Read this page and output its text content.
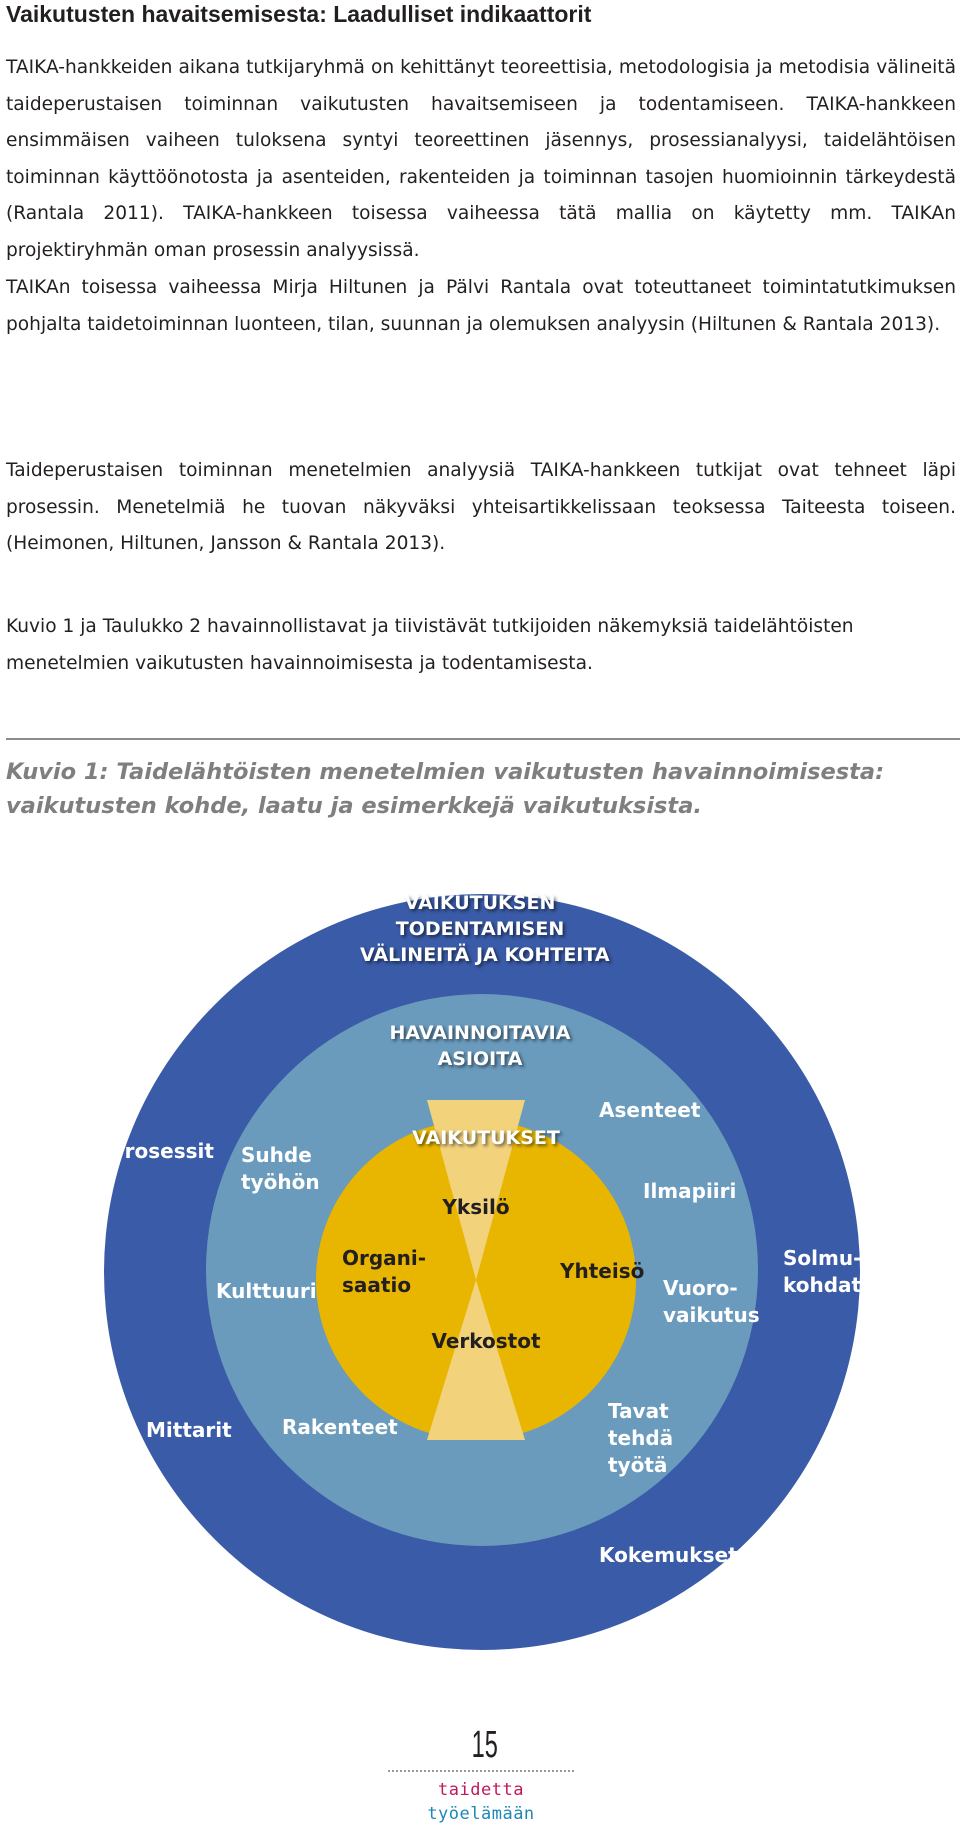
Vaikutusten havaitsemisesta: Laadulliset indikaattorit

TAIKA-hankkeiden aikana tutkijaryhmä on kehittänyt teoreettisia, metodologisia ja metodisia välineitä taideperustaisen toiminnan vaikutusten havaitsemiseen ja todentamiseen. TAIKA-hankkeen ensimmäisen vaiheen tuloksena syntyi teoreettinen jäsennys, prosessianalyysi, taidelähtöisen toiminnan käyttöönotosta ja asenteiden, rakenteiden ja toiminnan tasojen huomioinnin tärkeydestä (Rantala 2011). TAIKA-hankkeen toisessa vaiheessa tätä mallia on käytetty mm. TAIKAn projektiryhmän oman prosessin analyysissä.

TAIKAn toisessa vaiheessa Mirja Hiltunen ja Pälvi Rantala ovat toteuttaneet toimintatutkimuksen pohjalta taidetoiminnan luonteen, tilan, suunnan ja olemuksen analyysin (Hiltunen & Rantala 2013).

Taideperustaisen toiminnan menetelmien analyysiä TAIKA-hankkeen tutkijat ovat tehneet läpi prosessin. Menetelmiä he tuovan näkyväksi yhteisartikkelissaan teoksessa Taiteesta toiseen. (Heimonen, Hiltunen, Jansson & Rantala 2013).

Kuvio 1 ja Taulukko 2 havainnollistavat ja tiivistävät tutkijoiden näkemyksiä taidelähtöisten menetelmien vaikutusten havainnoimisesta ja todentamisesta.

Kuvio 1: Taidelähtöisten menetelmien vaikutusten havainnoimisesta:
vaikutusten kohde, laatu ja esimerkkejä vaikutuksista.

VAIKUTUKSEN
TODENTAMISEN
VÄLINEITÄ JA KOHTEITA

Prosessit

Solmu-
kohdat

Mittarit

Kokemukset

HAVAINNOITAVIA
ASIOITA

Asenteet

Suhde
työhön	Ilmapiiri

Kulttuuri	Vuoro-
vaikutus

Rakenteet

Tavat
tehdä
työtä

VAIKUTUKSET

Yksilö

Organi-
saatio

Yhteisö

Verkostot

15

taidetta työelämään
